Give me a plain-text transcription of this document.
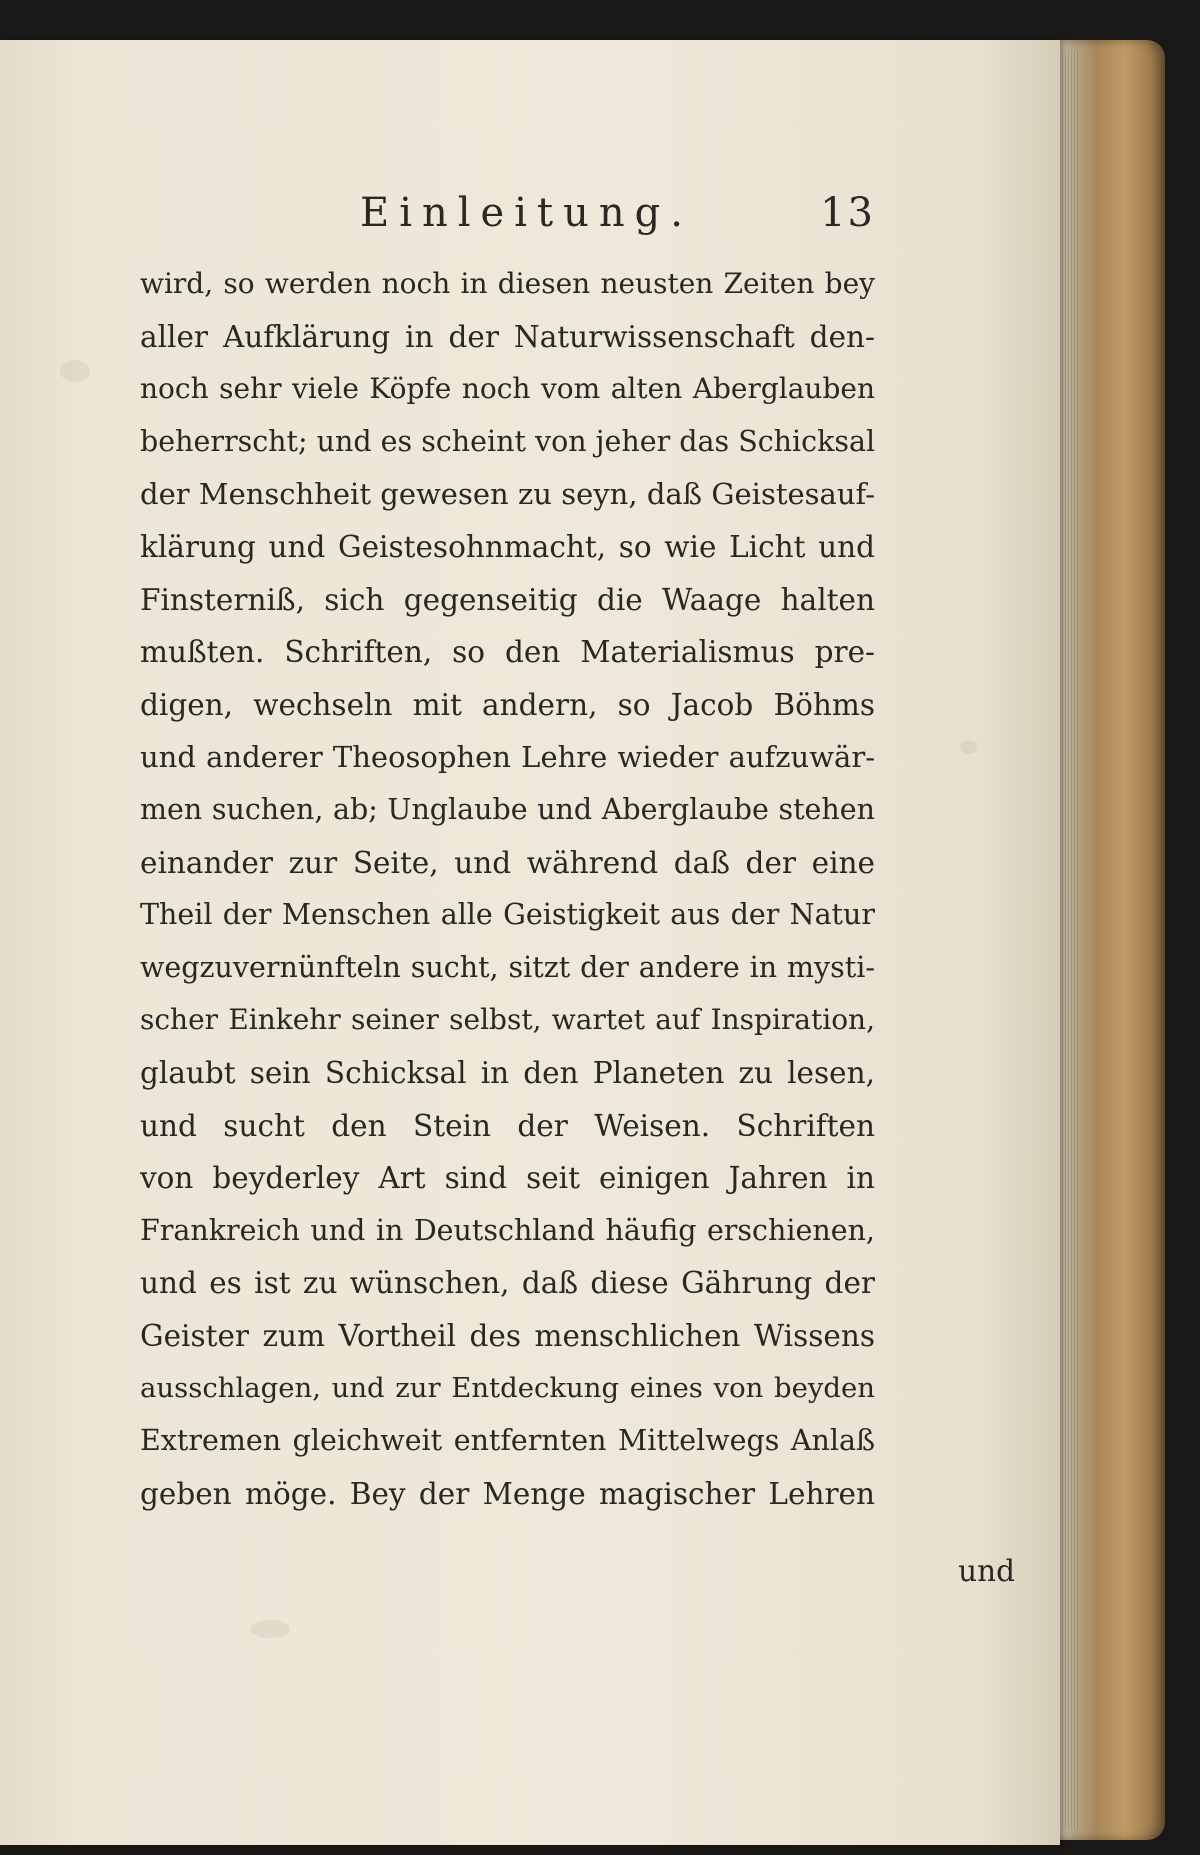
Einleitung.	13
wird, so werden noch in diesen neusten Zeiten bey
aller Aufklärung in der Naturwissenschaft den-
noch sehr viele Köpfe noch vom alten Aberglauben
beherrscht; und es scheint von jeher das Schicksal
der Menschheit gewesen zu seyn, daß Geistesauf-
klärung und Geistesohnmacht, so wie Licht und
Finsterniß, sich gegenseitig die Waage halten
mußten. Schriften, so den Materialismus pre-
digen, wechseln mit andern, so Jacob Böhms
und anderer Theosophen Lehre wieder aufzuwär-
men suchen, ab; Unglaube und Aberglaube stehen
einander zur Seite, und während daß der eine
Theil der Menschen alle Geistigkeit aus der Natur
wegzuvernünfteln sucht, sitzt der andere in mysti-
scher Einkehr seiner selbst, wartet auf Inspiration,
glaubt sein Schicksal in den Planeten zu lesen,
und sucht den Stein der Weisen. Schriften
von beyderley Art sind seit einigen Jahren in
Frankreich und in Deutschland häufig erschienen,
und es ist zu wünschen, daß diese Gährung der
Geister zum Vortheil des menschlichen Wissens
ausschlagen, und zur Entdeckung eines von beyden
Extremen gleichweit entfernten Mittelwegs Anlaß
geben möge. Bey der Menge magischer Lehren
und
